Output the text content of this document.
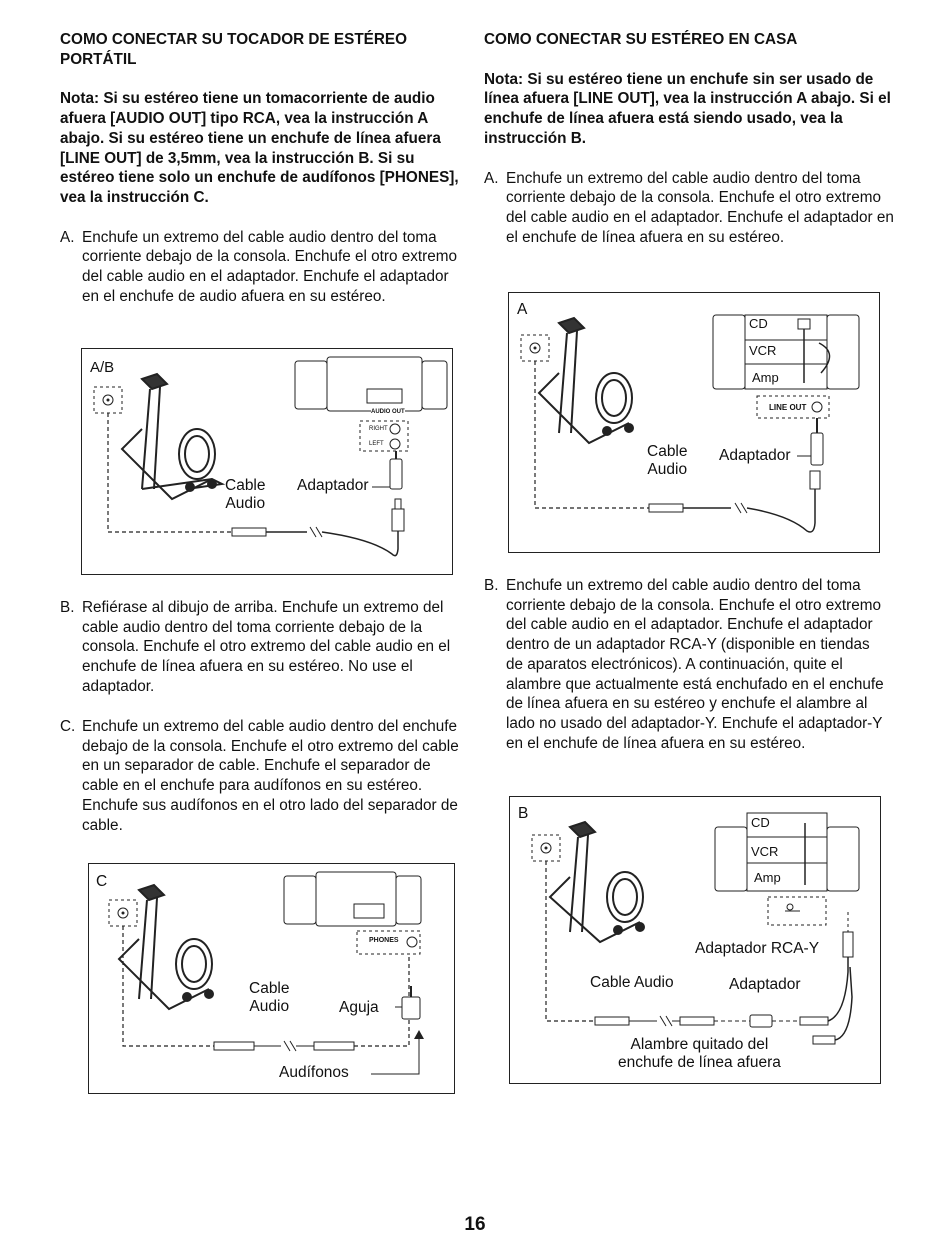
COMO CONECTAR SU TOCADOR DE ESTÉREO PORTÁTIL

Nota: Si su estéreo tiene un tomacorriente de audio afuera [AUDIO OUT] tipo RCA, vea la instrucción A abajo. Si su estéreo tiene un enchufe de línea afuera [LINE OUT] de 3,5mm, vea la instrucción B. Si su estéreo tiene solo un enchufe de audífonos [PHONES], vea la instrucción C.

A. Enchufe un extremo del cable audio dentro del toma corriente debajo de la consola. Enchufe el otro extremo del cable audio en el adaptador. Enchufe el adaptador en el enchufe de audio afuera en su estéreo.
B. Refiérase al dibujo de arriba. Enchufe un extremo del cable audio dentro del toma corriente debajo de la consola. Enchufe el otro extremo del cable audio en el enchufe de línea afuera en su estéreo. No use el adaptador.
C. Enchufe un extremo del cable audio dentro del enchufe debajo de la consola. Enchufe el otro extremo del cable en un separador de cable. Enchufe el separador de cable en el enchufe para audífonos en su estéreo. Enchufe sus audífonos en el otro lado del separador de cable.
A/B
Cable
Audio
Adaptador
AUDIO OUT
RIGHT
LEFT
C
Cable
Audio	Aguja
Audífonos
PHONES
COMO CONECTAR SU ESTÉREO EN CASA

Nota: Si su estéreo tiene un enchufe sin ser usado de línea afuera [LINE OUT], vea la instrucción A abajo. Si el enchufe de línea afuera está siendo usado, vea la instrucción B.

A. Enchufe un extremo del cable audio dentro del toma corriente debajo de la consola. Enchufe el otro extremo del cable audio en el adaptador. Enchufe el adaptador en el enchufe de línea afuera en su estéreo.
B. Enchufe un extremo del cable audio dentro del toma corriente debajo de la consola. Enchufe el otro extremo del cable audio en el adaptador. Enchufe el adaptador dentro de un adaptador RCA-Y (disponible en tiendas de aparatos electrónicos). A continuación, quite el alambre que actualmente está enchufado en el enchufe de línea afuera en su estéreo y enchufe el alambre al lado no usado del adaptador-Y. Enchufe el adaptador-Y en el enchufe de línea afuera en su estéreo.
A
CD
VCR
Amp
LINE OUT
Cable
Audio
Adaptador
B
CD
VCR
Amp
Adaptador RCA-Y
Cable Audio	Adaptador
Alambre quitado del
enchufe de línea afuera
16
